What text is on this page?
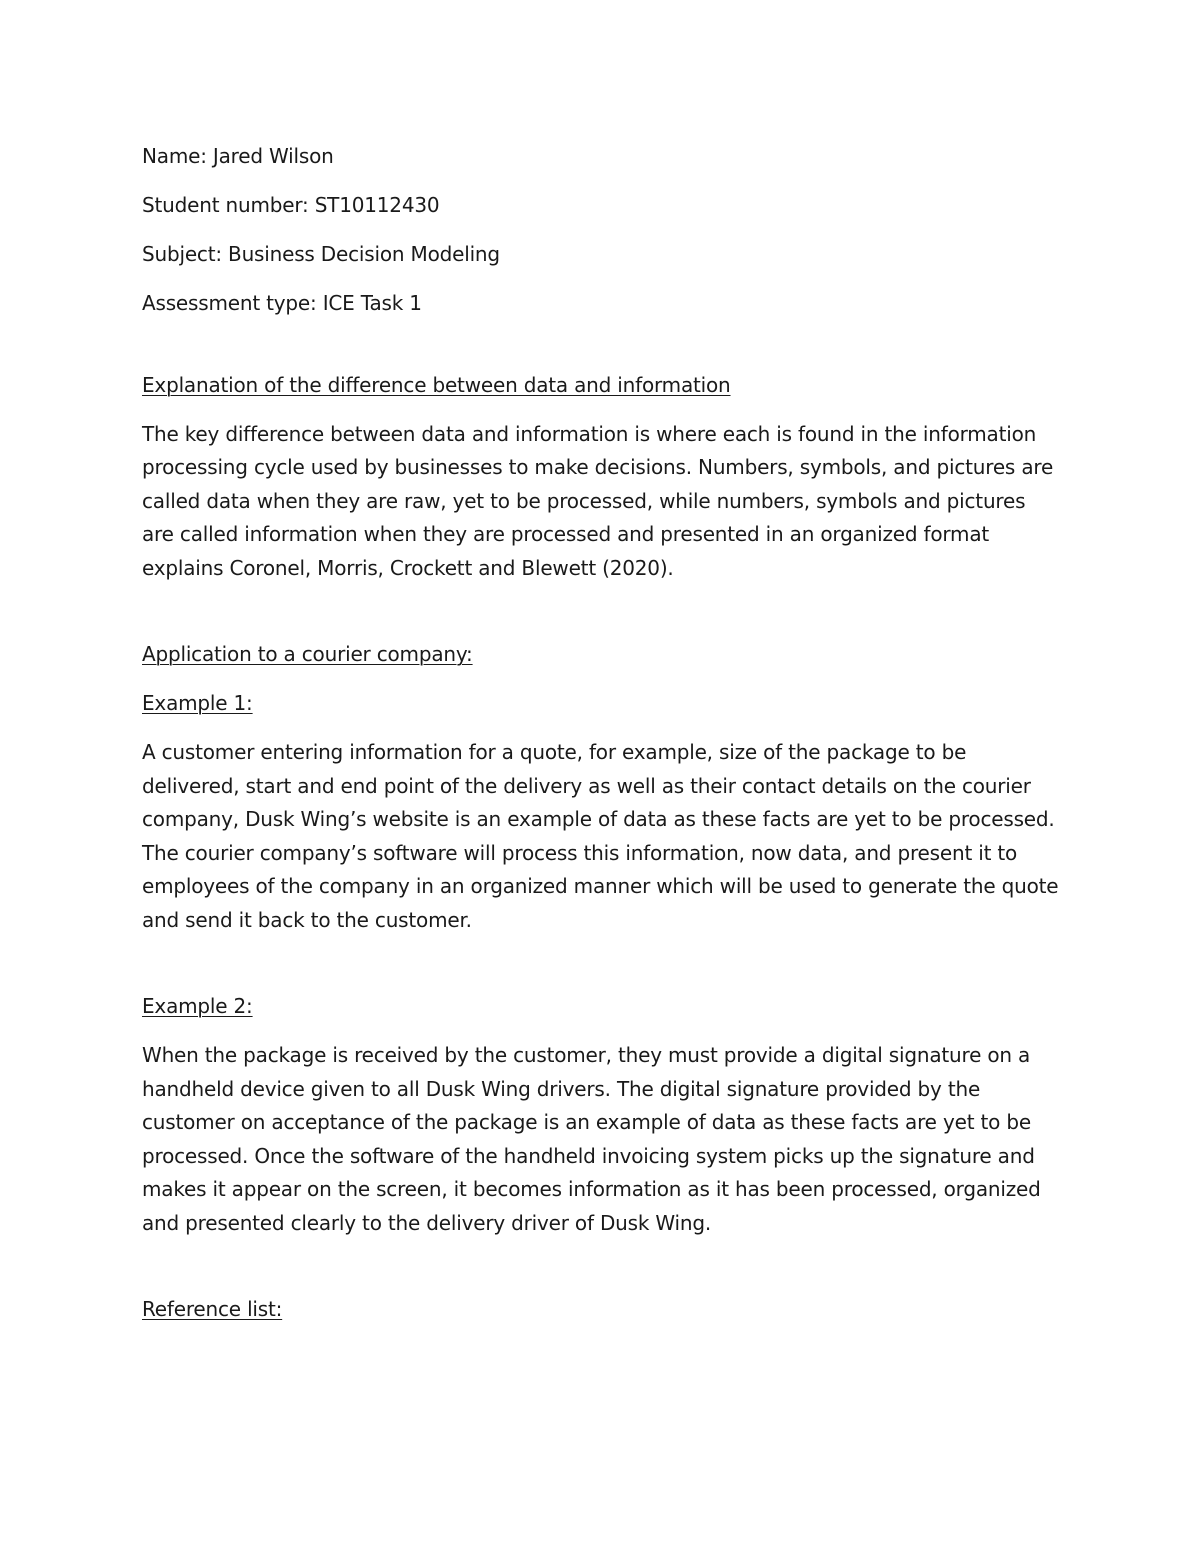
Name: Jared Wilson

Student number: ST10112430

Subject: Business Decision Modeling

Assessment type: ICE Task 1

Explanation of the difference between data and information

The key difference between data and information is where each is found in the information processing cycle used by businesses to make decisions. Numbers, symbols, and pictures are called data when they are raw, yet to be processed, while numbers, symbols and pictures are called information when they are processed and presented in an organized format explains Coronel, Morris, Crockett and Blewett (2020).

Application to a courier company:

Example 1:

A customer entering information for a quote, for example, size of the package to be delivered, start and end point of the delivery as well as their contact details on the courier company, Dusk Wing’s website is an example of data as these facts are yet to be processed. The courier company’s software will process this information, now data, and present it to employees of the company in an organized manner which will be used to generate the quote and send it back to the customer.

Example 2:

When the package is received by the customer, they must provide a digital signature on a handheld device given to all Dusk Wing drivers. The digital signature provided by the customer on acceptance of the package is an example of data as these facts are yet to be processed. Once the software of the handheld invoicing system picks up the signature and makes it appear on the screen, it becomes information as it has been processed, organized and presented clearly to the delivery driver of Dusk Wing.

Reference list:
